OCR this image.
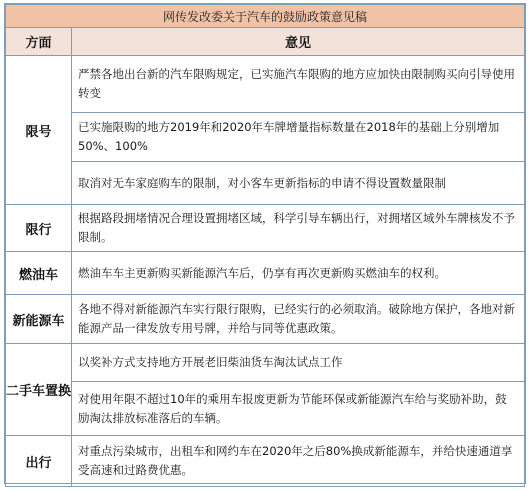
网传发改委关于汽车的鼓励政策意见稿	
方面	意见
限号	严禁各地出台新的汽车限购规定，已实施汽车限购的地方应加快由限制购买向引导使用转变
	已实施限购的地方2019年和2020年车牌增量指标数量在2018年的基础上分别增加50%、100%
	取消对无车家庭购车的限制，对小客车更新指标的申请不得设置数量限制
限行	根据路段拥堵情况合理设置拥堵区域，科学引导车辆出行，对拥堵区域外车牌核发不予限制。
燃油车	燃油车车主更新购买新能源汽车后，仍享有再次更新购买燃油车的权利。
新能源车	各地不得对新能源汽车实行限行限购，已经实行的必须取消。破除地方保护，各地对新能源产品一律发放专用号牌，并给与同等优惠政策。
二手车置换	以奖补方式支持地方开展老旧柴油货车淘汰试点工作
	对使用年限不超过10年的乘用车报废更新为节能环保或新能源汽车给与奖励补助，鼓励淘汰排放标准落后的车辆。
出行	对重点污染城市，出租车和网约车在2020年之后80%换成新能源车，并给快速通道享受高速和过路费优惠。
